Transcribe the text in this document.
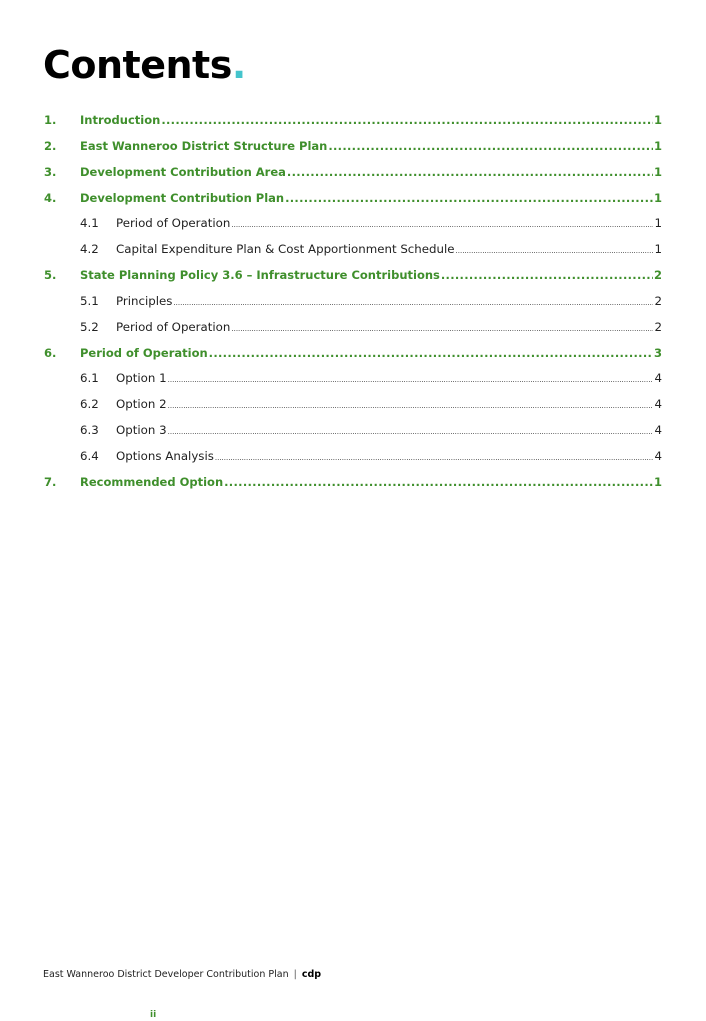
Contents.
1.	Introduction .....	1
2.	East Wanneroo District Structure Plan .....	1
3.	Development Contribution Area .....	1
4.	Development Contribution Plan .....	1
4.1	Period of Operation .....	1
4.2	Capital Expenditure Plan & Cost Apportionment Schedule .....	1
5.	State Planning Policy 3.6 – Infrastructure Contributions .....	2
5.1	Principles .....	2
5.2	Period of Operation .....	2
6.	Period of Operation .....	3
6.1	Option 1 .....	4
6.2	Option 2 .....	4
6.3	Option 3 .....	4
6.4	Options Analysis .....	4
7.	Recommended Option .....	1
East Wanneroo District Developer Contribution Plan | cdp
ii
